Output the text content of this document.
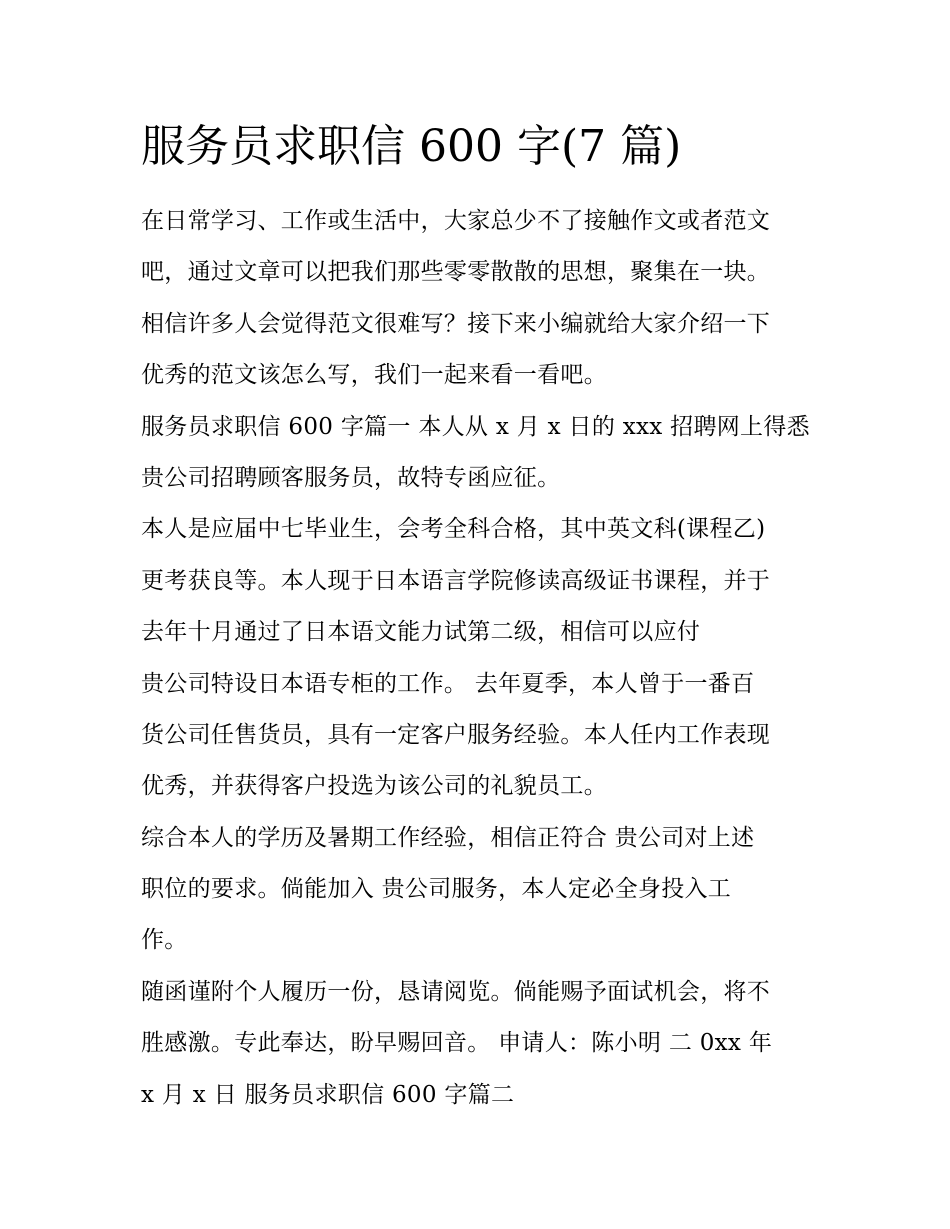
服务员求职信 600 字(7 篇)
在日常学习、工作或生活中，大家总少不了接触作文或者范文
吧，通过文章可以把我们那些零零散散的思想，聚集在一块。
相信许多人会觉得范文很难写？接下来小编就给大家介绍一下
优秀的范文该怎么写，我们一起来看一看吧。
服务员求职信 600 字篇一 本人从 x 月 x 日的 xxx 招聘网上得悉
贵公司招聘顾客服务员，故特专函应征。
本人是应届中七毕业生，会考全科合格，其中英文科(课程乙)
更考获良等。本人现于日本语言学院修读高级证书课程，并于
去年十月通过了日本语文能力试第二级，相信可以应付
贵公司特设日本语专柜的工作。 去年夏季，本人曾于一番百
货公司任售货员，具有一定客户服务经验。本人任内工作表现
优秀，并获得客户投选为该公司的礼貌员工。
综合本人的学历及暑期工作经验，相信正符合 贵公司对上述
职位的要求。倘能加入 贵公司服务，本人定必全身投入工
作。
随函谨附个人履历一份，恳请阅览。倘能赐予面试机会，将不
胜感激。专此奉达，盼早赐回音。 申请人：陈小明 二 0xx 年
x 月 x 日 服务员求职信 600 字篇二
